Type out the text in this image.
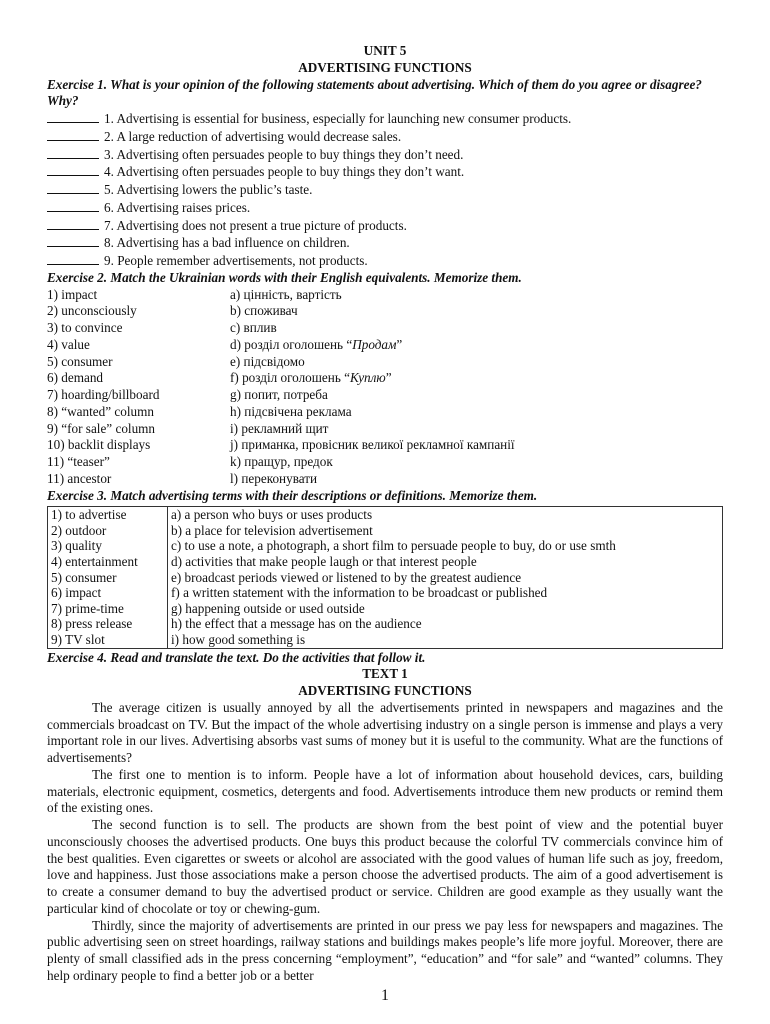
UNIT 5
ADVERTISING FUNCTIONS
Exercise 1. What is your opinion of the following statements about advertising. Which of them do you agree or disagree? Why?
1. Advertising is essential for business, especially for launching new consumer products.
2. A large reduction of advertising would decrease sales.
3. Advertising often persuades people to buy things they don’t need.
4. Advertising often persuades people to buy things they don’t want.
5. Advertising lowers the public’s taste.
6. Advertising raises prices.
7. Advertising does not present a true picture of products.
8. Advertising has a bad influence on children.
9. People remember advertisements, not products.
Exercise 2. Match the Ukrainian words with their English equivalents. Memorize them.
1) impact	a) цінність, вартість
2) unconsciously	b) споживач
3) to convince	c) вплив
4) value	d) розділ оголошень “Продам”
5) consumer	e) підсвідомо
6) demand	f) розділ оголошень “Куплю”
7) hoarding/billboard	g) попит, потреба
8) “wanted” column	h) підсвічена реклама
9) “for sale” column	i) рекламний щит
10) backlit displays	j) приманка, провісник великої рекламної кампанії
11) “teaser”	k) пращур, предок
11) ancestor	l) переконувати
Exercise 3. Match advertising terms with their descriptions or definitions. Memorize them.
1) to advertise	a) a person who buys or uses products
2) outdoor	b) a place for television advertisement
3) quality	c) to use a note, a photograph, a short film to persuade people to buy, do or use smth
4) entertainment	d) activities that make people laugh or that interest people
5) consumer	e) broadcast periods viewed or listened to by the greatest audience
6) impact	f) a written statement with the information to be broadcast or published
7) prime-time	g) happening outside or used outside
8) press release	h) the effect that a message has on the audience
9) TV slot	i) how good something is
Exercise 4. Read and translate the text. Do the activities that follow it.
TEXT 1
ADVERTISING FUNCTIONS

The average citizen is usually annoyed by all the advertisements printed in newspapers and magazines and the commercials broadcast on TV. But the impact of the whole advertising industry on a single person is immense and plays a very important role in our lives. Advertising absorbs vast sums of money but it is useful to the community. What are the functions of advertisements?

The first one to mention is to inform. People have a lot of information about household devices, cars, building materials, electronic equipment, cosmetics, detergents and food. Advertisements introduce them new products or remind them of the existing ones.

The second function is to sell. The products are shown from the best point of view and the potential buyer unconsciously chooses the advertised products. One buys this product because the colorful TV commercials convince him of the best qualities. Even cigarettes or sweets or alcohol are associated with the good values of human life such as joy, freedom, love and happiness. Just those associations make a person choose the advertised products. The aim of a good advertisement is to create a consumer demand to buy the advertised product or service. Children are good example as they usually want the particular kind of chocolate or toy or chewing-gum.

Thirdly, since the majority of advertisements are printed in our press we pay less for newspapers and magazines. The public advertising seen on street hoardings, railway stations and buildings makes people’s life more joyful. Moreover, there are plenty of small classified ads in the press concerning “employment”, “education” and “for sale” and “wanted” columns. They help ordinary people to find a better job or a better

1
